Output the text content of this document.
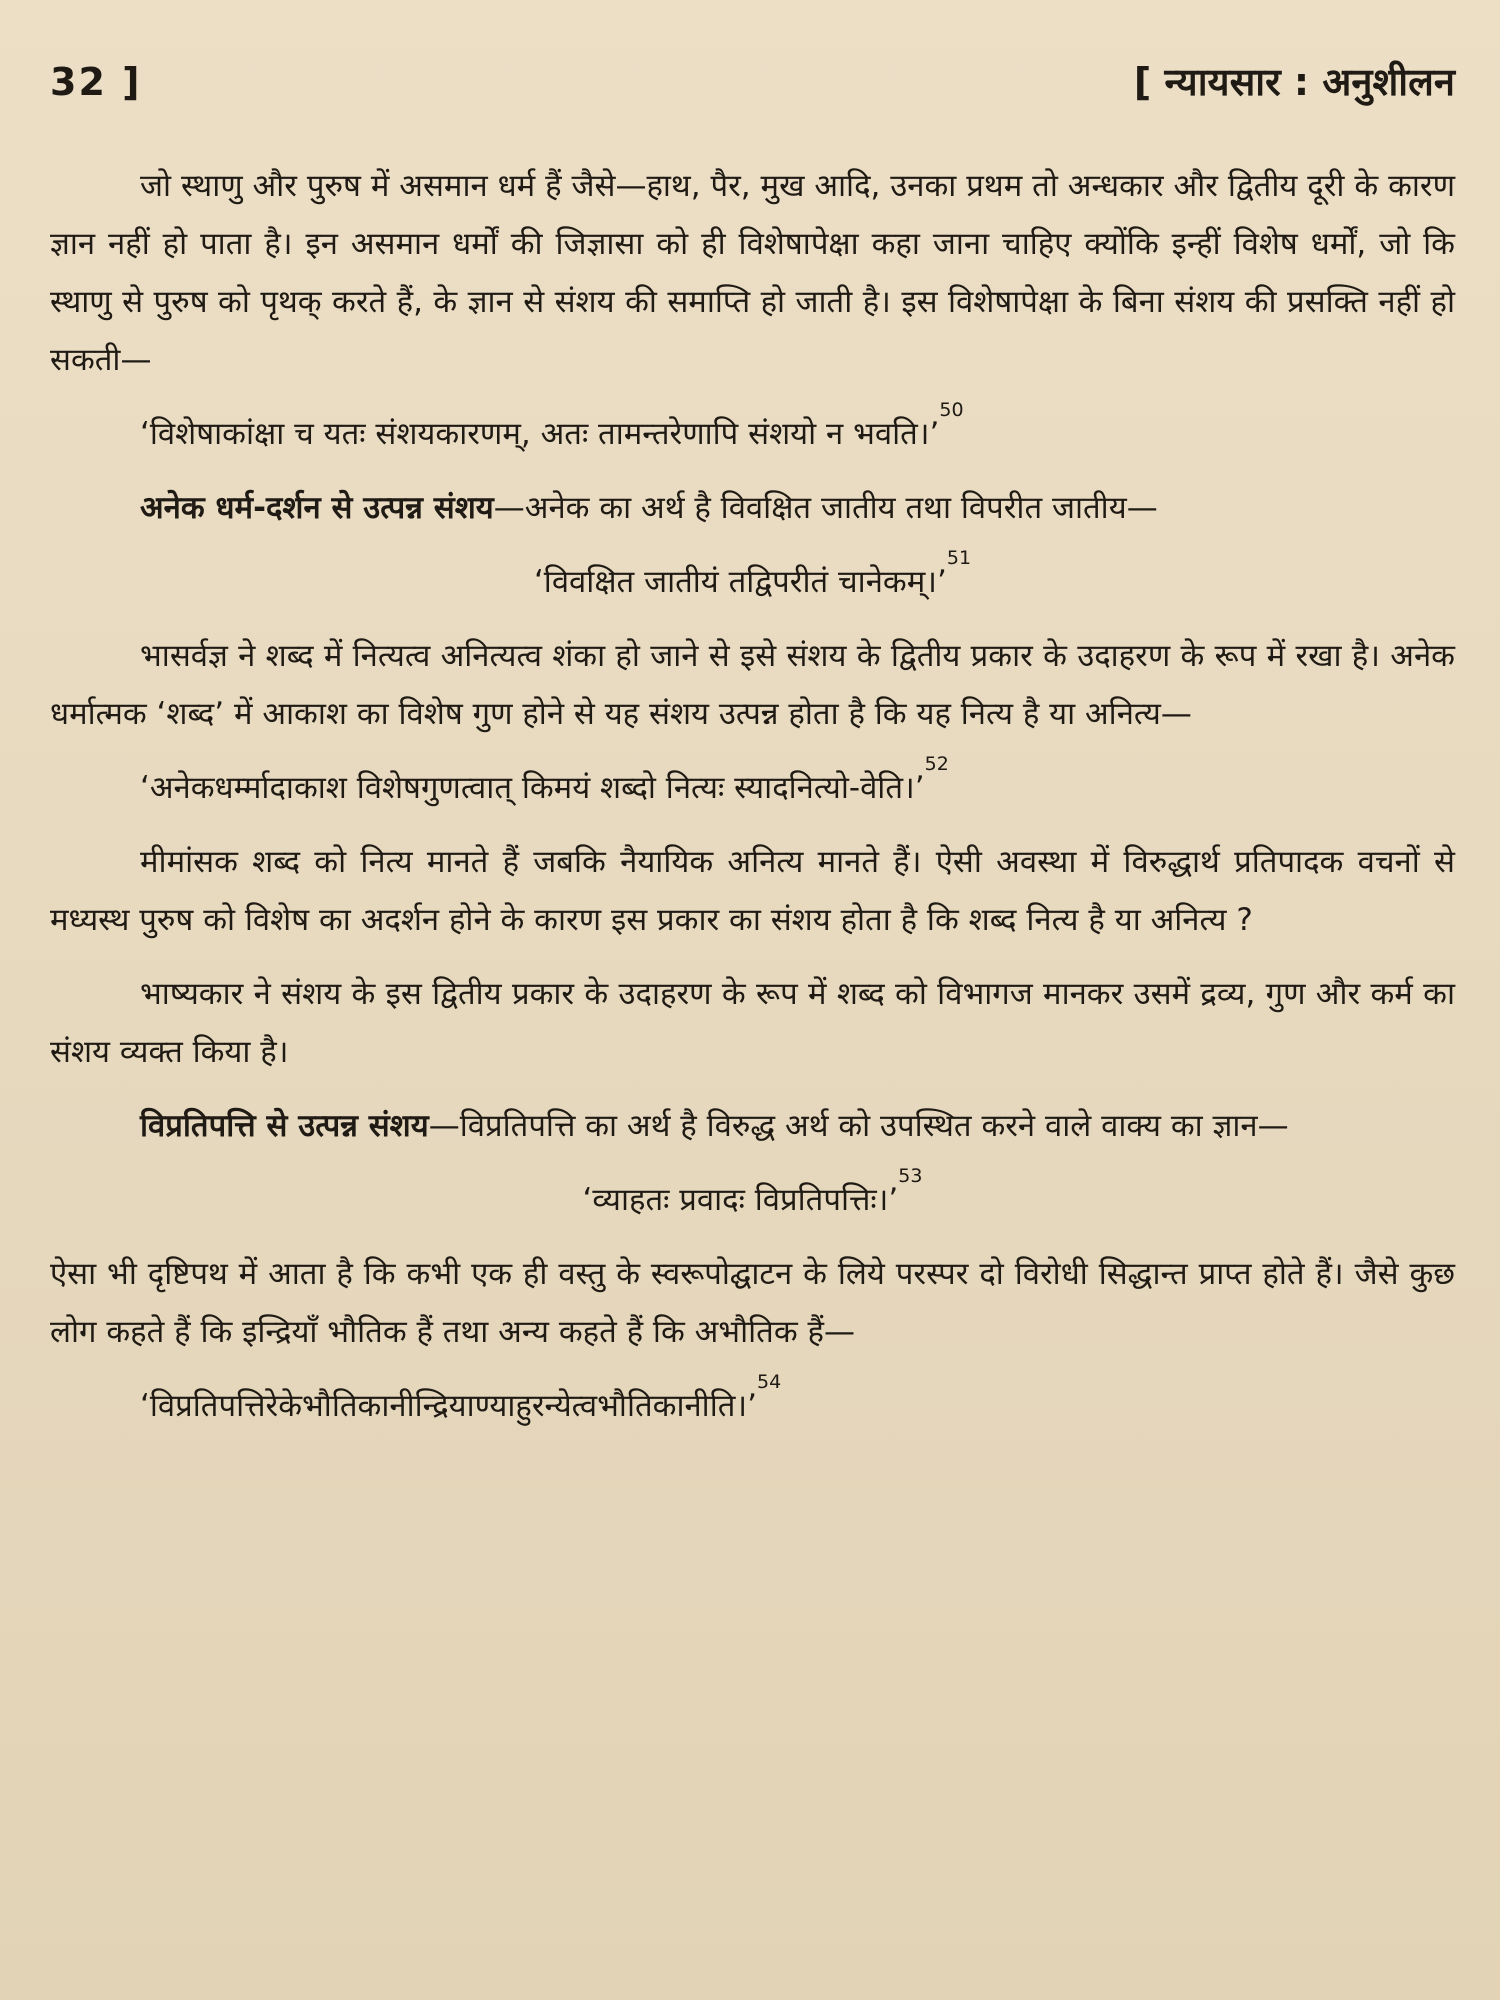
32 ]	[ न्यायसार : अनुशीलन

जो स्थाणु और पुरुष में असमान धर्म हैं जैसे—हाथ, पैर, मुख आदि, उनका प्रथम तो अन्धकार और द्वितीय दूरी के कारण ज्ञान नहीं हो पाता है। इन असमान धर्मों की जिज्ञासा को ही विशेषापेक्षा कहा जाना चाहिए क्योंकि इन्हीं विशेष धर्मों, जो कि स्थाणु से पुरुष को पृथक् करते हैं, के ज्ञान से संशय की समाप्ति हो जाती है। इस विशेषापेक्षा के बिना संशय की प्रसक्ति नहीं हो सकती—

‘विशेषाकांक्षा च यतः संशयकारणम्, अतः तामन्तरेणापि संशयो न भवति।’$^{50}$

अनेक धर्म-दर्शन से उत्पन्न संशय—अनेक का अर्थ है विवक्षित जातीय तथा विपरीत जातीय—

‘विवक्षित जातीयं तद्विपरीतं चानेकम्।’$^{51}$

भासर्वज्ञ ने शब्द में नित्यत्व अनित्यत्व शंका हो जाने से इसे संशय के द्वितीय प्रकार के उदाहरण के रूप में रखा है। अनेक धर्मात्मक ‘शब्द’ में आकाश का विशेष गुण होने से यह संशय उत्पन्न होता है कि यह नित्य है या अनित्य—

‘अनेकधर्म्मादाकाश विशेषगुणत्वात् किमयं शब्दो नित्यः स्यादनित्यो-वेति।’$^{52}$

मीमांसक शब्द को नित्य मानते हैं जबकि नैयायिक अनित्य मानते हैं। ऐसी अवस्था में विरुद्धार्थ प्रतिपादक वचनों से मध्यस्थ पुरुष को विशेष का अदर्शन होने के कारण इस प्रकार का संशय होता है कि शब्द नित्य है या अनित्य ?

भाष्यकार ने संशय के इस द्वितीय प्रकार के उदाहरण के रूप में शब्द को विभागज मानकर उसमें द्रव्य, गुण और कर्म का संशय व्यक्त किया है।

विप्रतिपत्ति से उत्पन्न संशय—विप्रतिपत्ति का अर्थ है विरुद्ध अर्थ को उपस्थित करने वाले वाक्य का ज्ञान—

‘व्याहतः प्रवादः विप्रतिपत्तिः।’$^{53}$

ऐसा भी दृष्टिपथ में आता है कि कभी एक ही वस्तु के स्वरूपोद्घाटन के लिये परस्पर दो विरोधी सिद्धान्त प्राप्त होते हैं। जैसे कुछ लोग कहते हैं कि इन्द्रियाँ भौतिक हैं तथा अन्य कहते हैं कि अभौतिक हैं—

‘विप्रतिपत्तिरेकेभौतिकानीन्द्रियाण्याहुरन्येत्वभौतिकानीति।’$^{54}$
